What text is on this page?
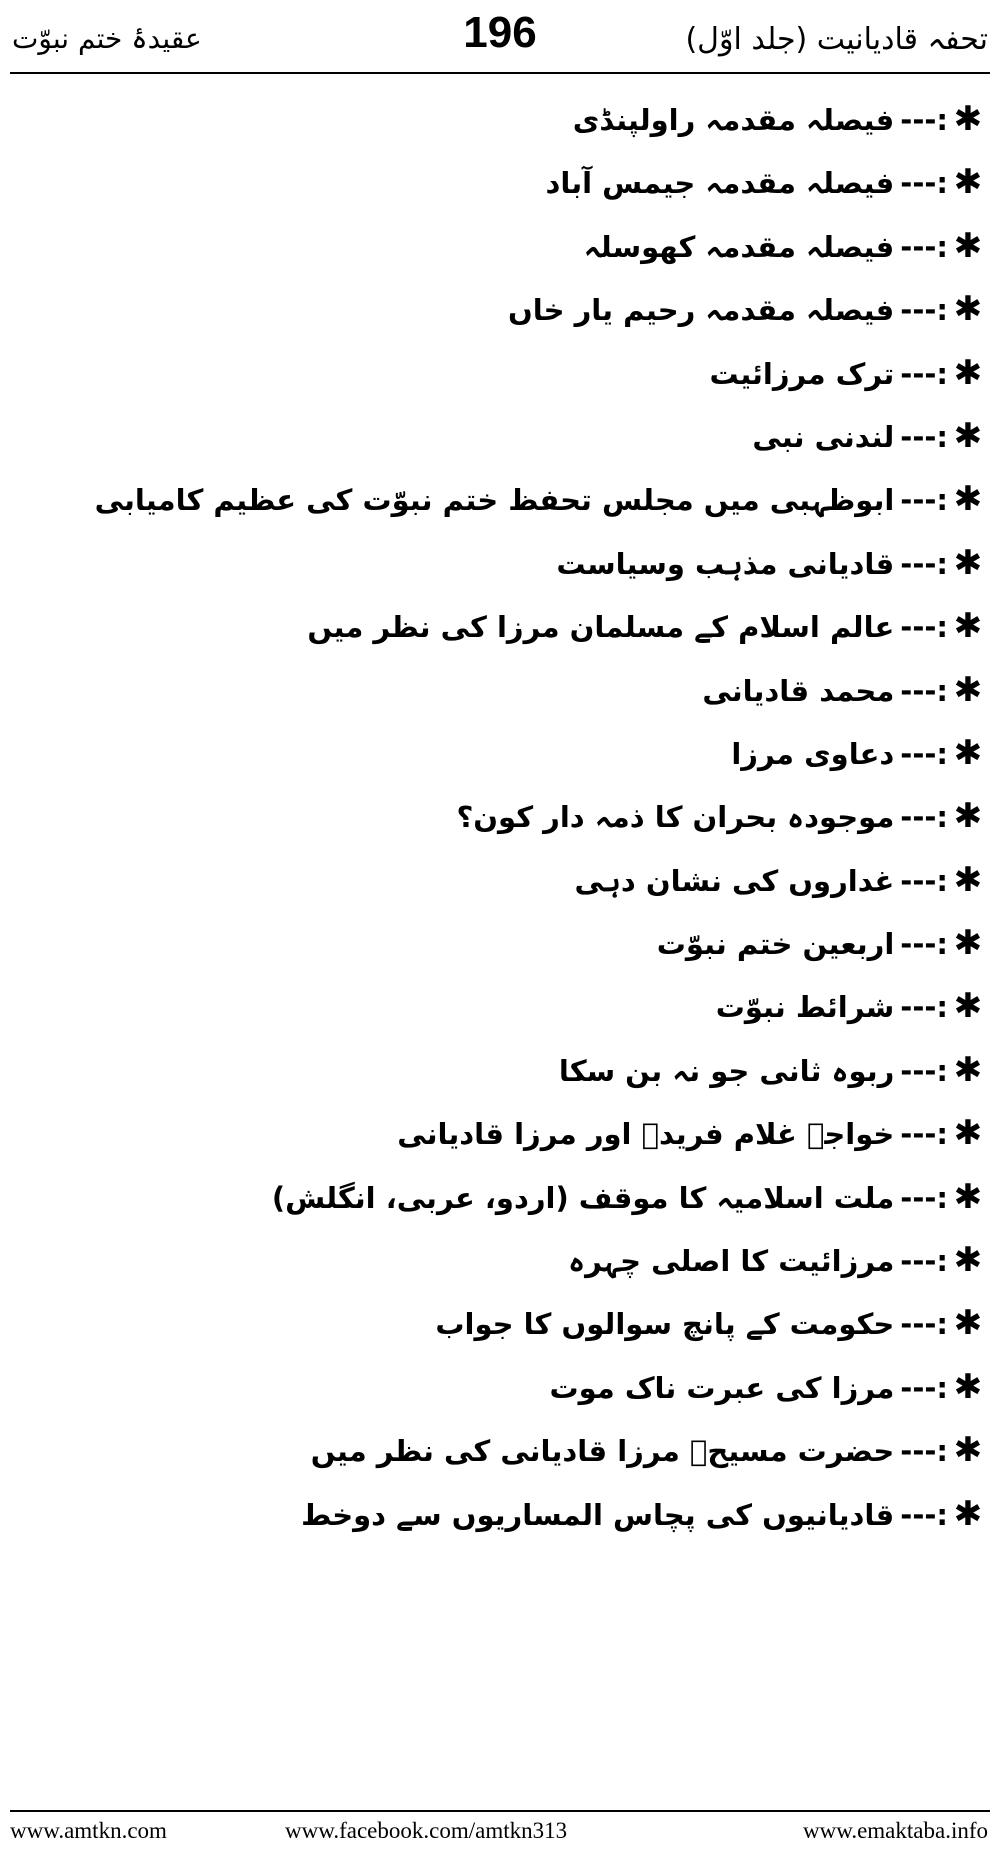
عقیدۂ ختم نبوّت	196	تحفہ قادیانیت (جلد اوّل)
✱:---فیصلہ مقدمہ راولپنڈی
✱:---فیصلہ مقدمہ جیمس آباد
✱:---فیصلہ مقدمہ کھوسلہ
✱:---فیصلہ مقدمہ رحیم یار خاں
✱:---ترک مرزائیت
✱:---لندنی نبی
✱:---ابوظہبی میں مجلس تحفظ ختم نبوّت کی عظیم کامیابی
✱:---قادیانی مذہب وسیاست
✱:---عالم اسلام کے مسلمان مرزا کی نظر میں
✱:---محمد قادیانی
✱:---دعاوی مرزا
✱:---موجودہ بحران کا ذمہ دار کون؟
✱:---غداروں کی نشان دہی
✱:---اربعین ختم نبوّت
✱:---شرائط نبوّت
✱:---ربوہ ثانی جو نہ بن سکا
✱:---خواجہ غلام فریدؒ اور مرزا قادیانی
✱:---ملت اسلامیہ کا موقف (اردو، عربی، انگلش)
✱:---مرزائیت کا اصلی چہرہ
✱:---حکومت کے پانچ سوالوں کا جواب
✱:---مرزا کی عبرت ناک موت
✱:---حضرت مسیحؑ مرزا قادیانی کی نظر میں
✱:---قادیانیوں کی پچاس المساریوں سے دوخط
www.amtkn.com	www.facebook.com/amtkn313	www.emaktaba.info
